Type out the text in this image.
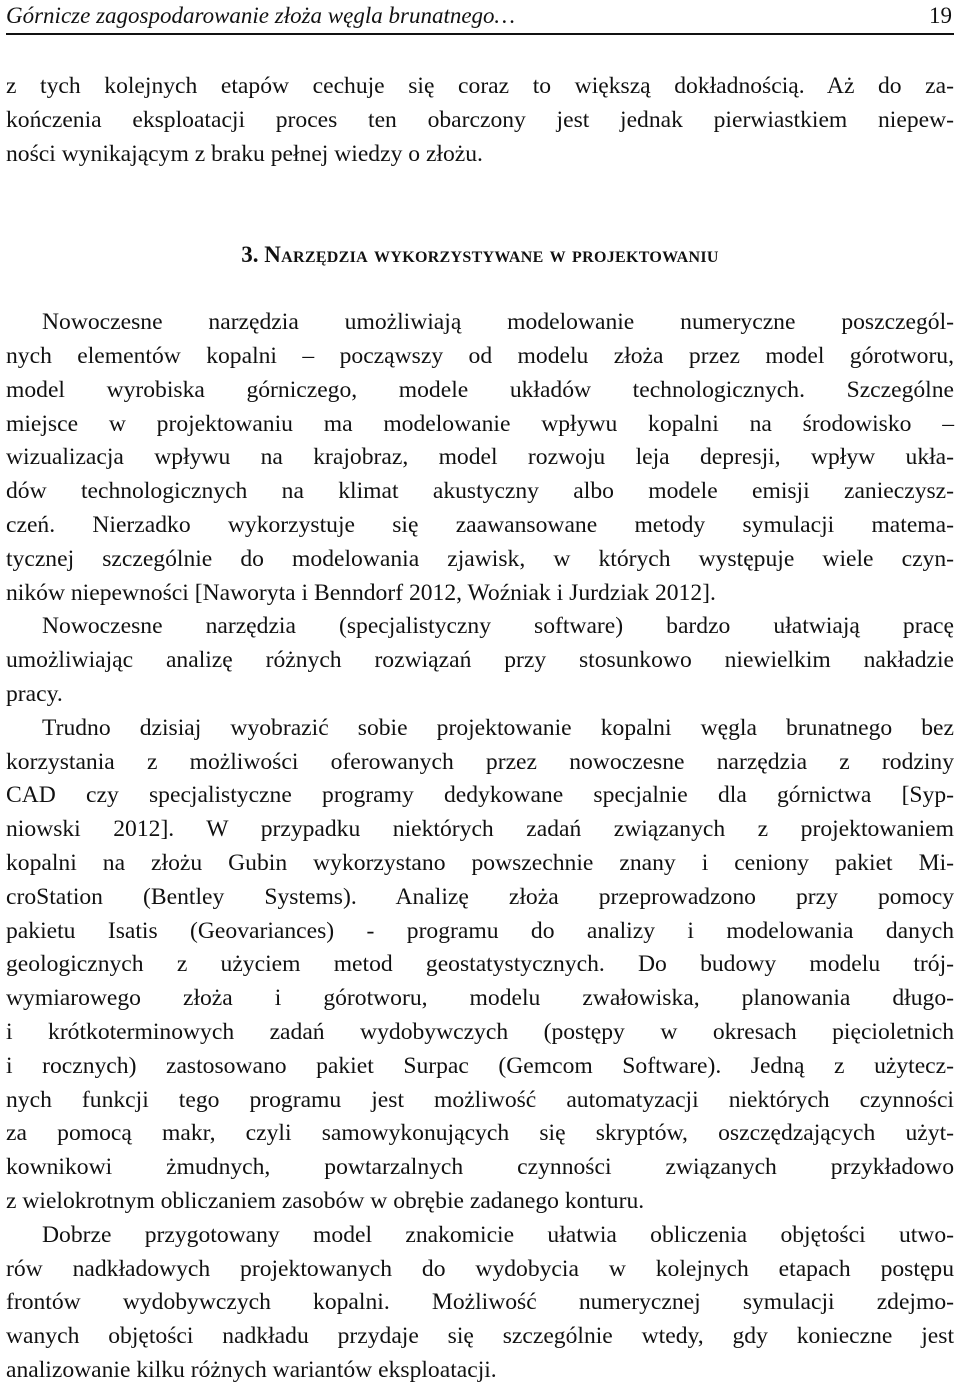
Górnicze zagospodarowanie złoża węgla brunatnego…	19
z tych kolejnych etapów cechuje się coraz to większą dokładnością. Aż do za-
kończenia eksploatacji proces ten obarczony jest jednak pierwiastkiem niepew-
ności wynikającym z braku pełnej wiedzy o złożu.
3. Narzędzia wykorzystywane w projektowaniu
Nowoczesne narzędzia umożliwiają modelowanie numeryczne poszczegól-
nych elementów kopalni – począwszy od modelu złoża przez model górotworu,
model wyrobiska górniczego, modele układów technologicznych. Szczególne
miejsce w projektowaniu ma modelowanie wpływu kopalni na środowisko –
wizualizacja wpływu na krajobraz, model rozwoju leja depresji, wpływ ukła-
dów technologicznych na klimat akustyczny albo modele emisji zanieczysz-
czeń. Nierzadko wykorzystuje się zaawansowane metody symulacji matema-
tycznej szczególnie do modelowania zjawisk, w których występuje wiele czyn-
ników niepewności [Naworyta i Benndorf 2012, Woźniak i Jurdziak 2012].
Nowoczesne narzędzia (specjalistyczny software) bardzo ułatwiają pracę
umożliwiając analizę różnych rozwiązań przy stosunkowo niewielkim nakładzie
pracy.
Trudno dzisiaj wyobrazić sobie projektowanie kopalni węgla brunatnego bez
korzystania z możliwości oferowanych przez nowoczesne narzędzia z rodziny
CAD czy specjalistyczne programy dedykowane specjalnie dla górnictwa [Syp-
niowski 2012]. W przypadku niektórych zadań związanych z projektowaniem
kopalni na złożu Gubin wykorzystano powszechnie znany i ceniony pakiet Mi-
croStation (Bentley Systems). Analizę złoża przeprowadzono przy pomocy
pakietu Isatis (Geovariances) - programu do analizy i modelowania danych
geologicznych z użyciem metod geostatystycznych. Do budowy modelu trój-
wymiarowego złoża i górotworu, modelu zwałowiska, planowania długo-
i krótkoterminowych zadań wydobywczych (postępy w okresach pięcioletnich
i rocznych) zastosowano pakiet Surpac (Gemcom Software). Jedną z użytecz-
nych funkcji tego programu jest możliwość automatyzacji niektórych czynności
za pomocą makr, czyli samowykonujących się skryptów, oszczędzających użyt-
kownikowi żmudnych, powtarzalnych czynności związanych przykładowo
z wielokrotnym obliczaniem zasobów w obrębie zadanego konturu.
Dobrze przygotowany model znakomicie ułatwia obliczenia objętości utwo-
rów nadkładowych projektowanych do wydobycia w kolejnych etapach postępu
frontów wydobywczych kopalni. Możliwość numerycznej symulacji zdejmo-
wanych objętości nadkładu przydaje się szczególnie wtedy, gdy konieczne jest
analizowanie kilku różnych wariantów eksploatacji.
